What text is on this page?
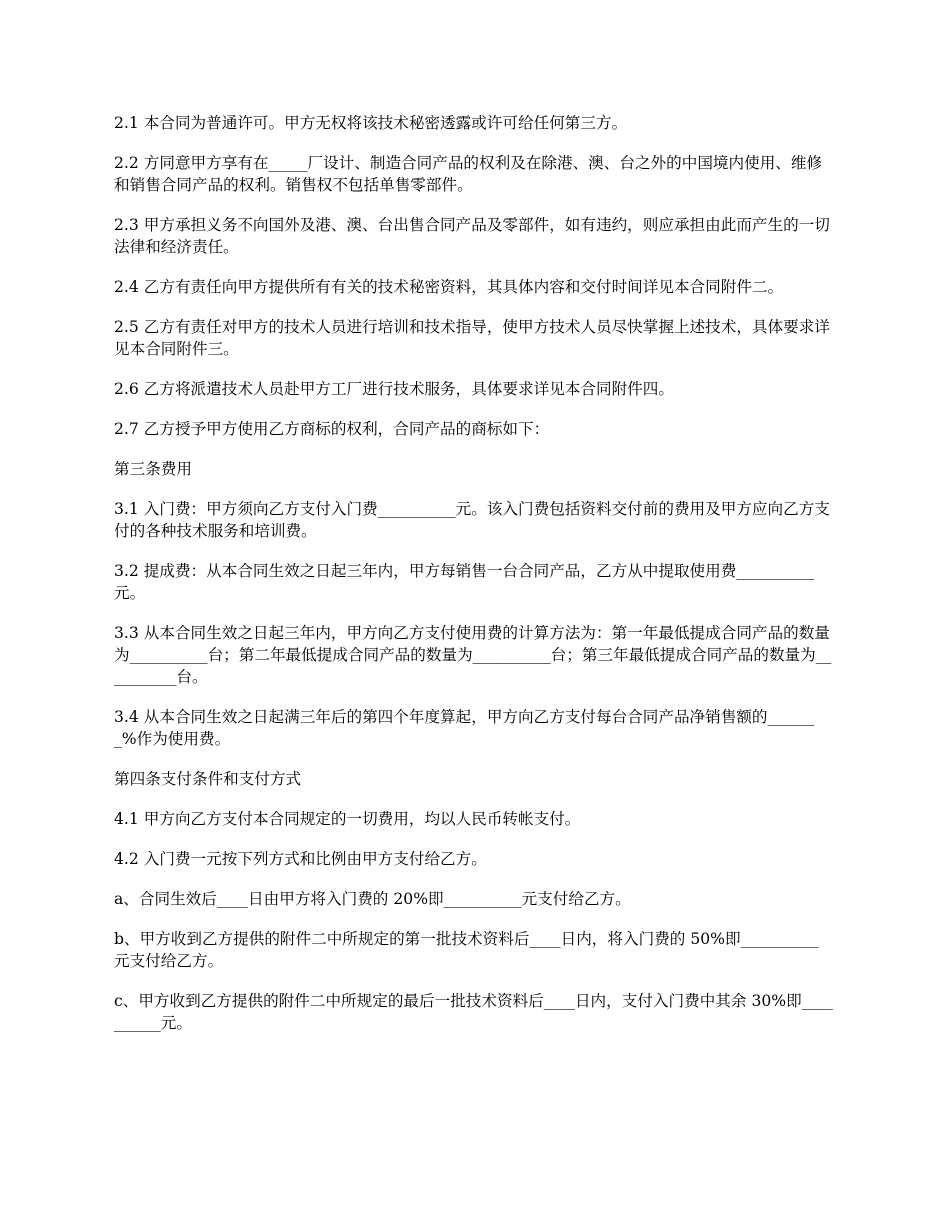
2.1 本合同为普通许可。甲方无权将该技术秘密透露或许可给任何第三方。

2.2 方同意甲方享有在_____厂设计、制造合同产品的权利及在除港、澳、台之外的中国境内使用、维修和销售合同产品的权利。销售权不包括单售零部件。

2.3 甲方承担义务不向国外及港、澳、台出售合同产品及零部件，如有违约，则应承担由此而产生的一切法律和经济责任。

2.4 乙方有责任向甲方提供所有有关的技术秘密资料，其具体内容和交付时间详见本合同附件二。

2.5 乙方有责任对甲方的技术人员进行培训和技术指导，使甲方技术人员尽快掌握上述技术，具体要求详见本合同附件三。

2.6 乙方将派遣技术人员赴甲方工厂进行技术服务，具体要求详见本合同附件四。

2.7 乙方授予甲方使用乙方商标的权利，合同产品的商标如下：

第三条费用

3.1 入门费：甲方须向乙方支付入门费__________元。该入门费包括资料交付前的费用及甲方应向乙方支付的各种技术服务和培训费。

3.2 提成费：从本合同生效之日起三年内，甲方每销售一台合同产品，乙方从中提取使用费__________元。

3.3 从本合同生效之日起三年内，甲方向乙方支付使用费的计算方法为：第一年最低提成合同产品的数量为__________台；第二年最低提成合同产品的数量为__________台；第三年最低提成合同产品的数量为__________台。

3.4 从本合同生效之日起满三年后的第四个年度算起，甲方向乙方支付每台合同产品净销售额的_______%作为使用费。

第四条支付条件和支付方式

4.1 甲方向乙方支付本合同规定的一切费用，均以人民币转帐支付。

4.2 入门费一元按下列方式和比例由甲方支付给乙方。

a、合同生效后____日由甲方将入门费的 20%即__________元支付给乙方。

b、甲方收到乙方提供的附件二中所规定的第一批技术资料后____日内，将入门费的 50%即__________元支付给乙方。

c、甲方收到乙方提供的附件二中所规定的最后一批技术资料后____日内，支付入门费中其余 30%即__________元。
